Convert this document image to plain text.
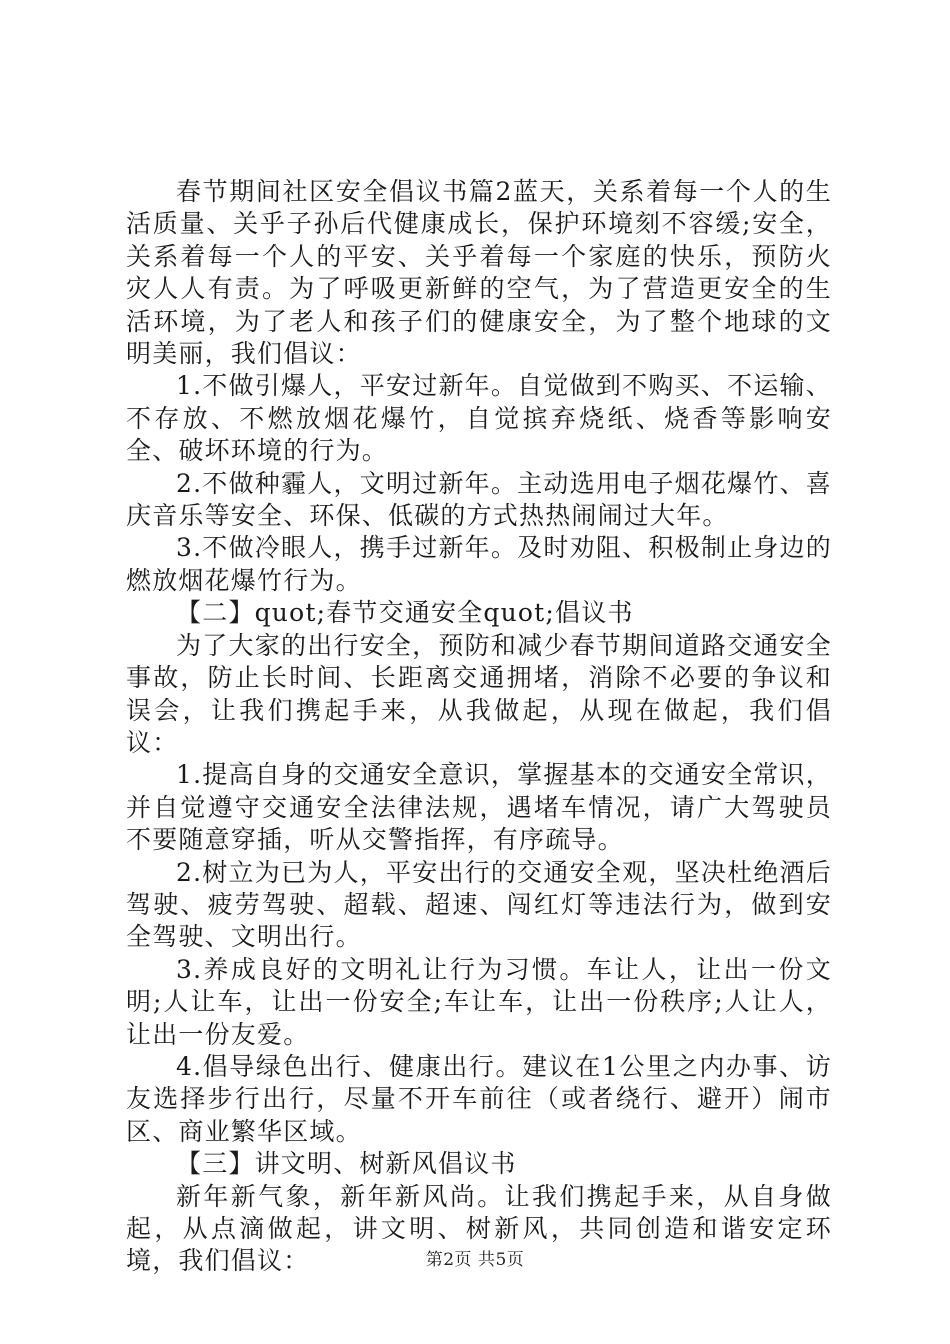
春节期间社区安全倡议书篇2蓝天，关系着每一个人的生活质量、关乎子孙后代健康成长，保护环境刻不容缓;安全，关系着每一个人的平安、关乎着每一个家庭的快乐，预防火灾人人有责。为了呼吸更新鲜的空气，为了营造更安全的生活环境，为了老人和孩子们的健康安全，为了整个地球的文明美丽，我们倡议：

1.不做引爆人，平安过新年。自觉做到不购买、不运输、不存放、不燃放烟花爆竹，自觉摈弃烧纸、烧香等影响安全、破坏环境的行为。

2.不做种霾人，文明过新年。主动选用电子烟花爆竹、喜庆音乐等安全、环保、低碳的方式热热闹闹过大年。

3.不做冷眼人，携手过新年。及时劝阻、积极制止身边的燃放烟花爆竹行为。

【二】quot;春节交通安全quot;倡议书

为了大家的出行安全，预防和减少春节期间道路交通安全事故，防止长时间、长距离交通拥堵，消除不必要的争议和误会，让我们携起手来，从我做起，从现在做起，我们倡议：

1.提高自身的交通安全意识，掌握基本的交通安全常识，并自觉遵守交通安全法律法规，遇堵车情况，请广大驾驶员不要随意穿插，听从交警指挥，有序疏导。

2.树立为已为人，平安出行的交通安全观，坚决杜绝酒后驾驶、疲劳驾驶、超载、超速、闯红灯等违法行为，做到安全驾驶、文明出行。

3.养成良好的文明礼让行为习惯。车让人，让出一份文明;人让车，让出一份安全;车让车，让出一份秩序;人让人，让出一份友爱。

4.倡导绿色出行、健康出行。建议在1公里之内办事、访友选择步行出行，尽量不开车前往（或者绕行、避开）闹市区、商业繁华区域。

【三】讲文明、树新风倡议书

新年新气象，新年新风尚。让我们携起手来，从自身做起，从点滴做起，讲文明、树新风，共同创造和谐安定环境，我们倡议：	第2页 共5页
